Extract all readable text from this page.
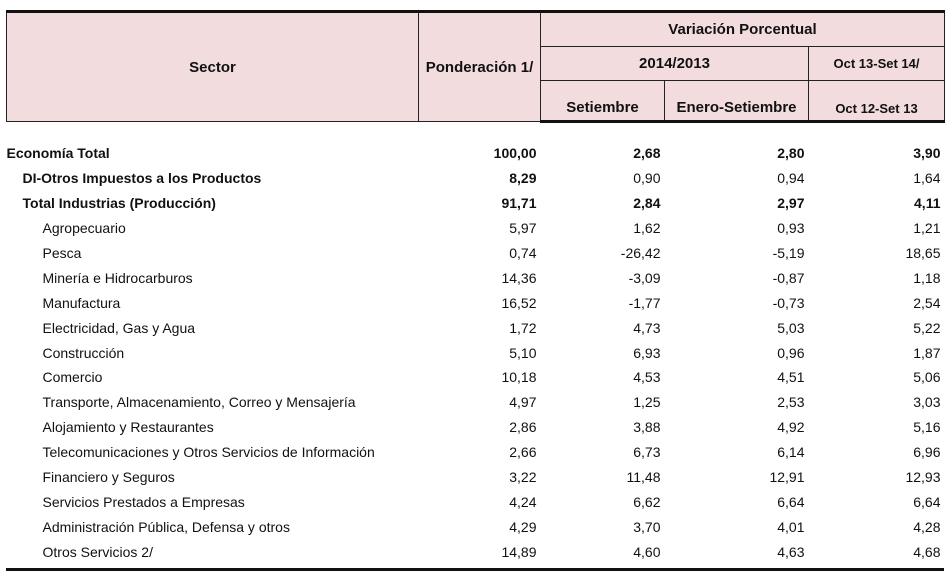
Sector	Ponderación 1/	Variación Porcentual		
		2014/2013		Oct 13-Set 14/
		Setiembre	Enero-Setiembre	Oct 12-Set 13

Economía Total	100,00	2,68	2,80	3,90
DI-Otros Impuestos a los Productos	8,29	0,90	0,94	1,64
Total Industrias (Producción)	91,71	2,84	2,97	4,11
Agropecuario	5,97	1,62	0,93	1,21
Pesca	0,74	-26,42	-5,19	18,65
Minería e Hidrocarburos	14,36	-3,09	-0,87	1,18
Manufactura	16,52	-1,77	-0,73	2,54
Electricidad, Gas y Agua	1,72	4,73	5,03	5,22
Construcción	5,10	6,93	0,96	1,87
Comercio	10,18	4,53	4,51	5,06
Transporte, Almacenamiento, Correo y Mensajería	4,97	1,25	2,53	3,03
Alojamiento y Restaurantes	2,86	3,88	4,92	5,16
Telecomunicaciones y Otros Servicios de Información	2,66	6,73	6,14	6,96
Financiero y Seguros	3,22	11,48	12,91	12,93
Servicios Prestados a Empresas	4,24	6,62	6,64	6,64
Administración Pública, Defensa y otros	4,29	3,70	4,01	4,28
Otros Servicios 2/	14,89	4,60	4,63	4,68
